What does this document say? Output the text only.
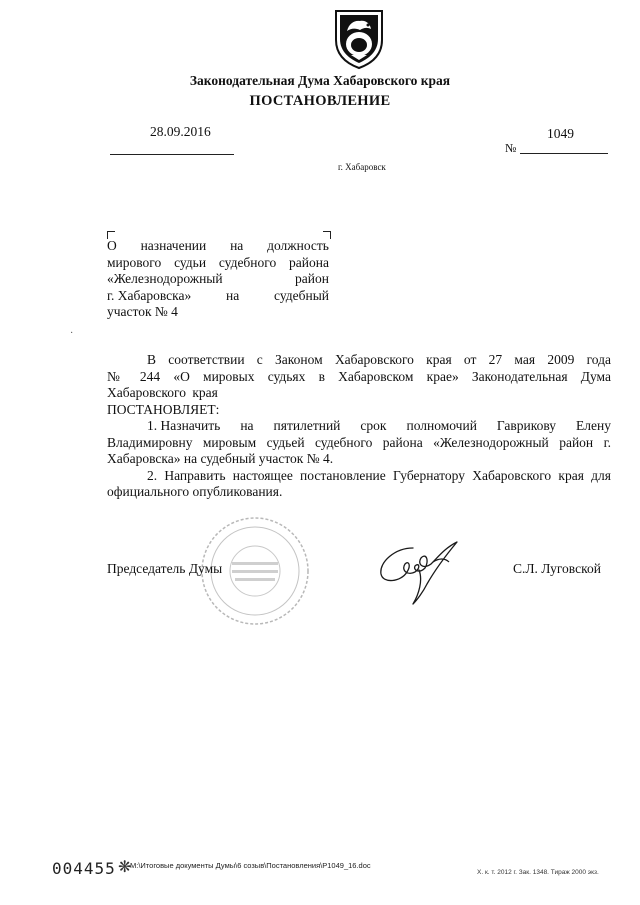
Законодательная Дума Хабаровского края
ПОСТАНОВЛЕНИЕ
28.09.2016
№
1049
г. Хабаровск
О назначении на должность
мирового судьи судебного района
«Железнодорожный	район
г. Хабаровска»	на	судебный
участок № 4
·
В соответствии с Законом Хабаровского края от 27 мая 2009 года

№ 244 «О мировых судьях в Хабаровском крае» Законодательная Дума Хабаровского края

ПОСТАНОВЛЯЕТ:

1. Назначить на пятилетний срок полномочий Гаврикову Елену

Владимировну мировым судьей судебного района «Железнодорожный район г. Хабаровска» на судебный участок № 4.

2. Направить настоящее постановление Губернатору Хабаровского края для официального опубликования.

Председатель Думы	С.Л. Луговской
004455 ❋
M:\Итоговые документы Думы\6 созыв\Постановления\P1049_16.doc
Х. к. т. 2012 г. Зак. 1348. Тираж 2000 экз.
